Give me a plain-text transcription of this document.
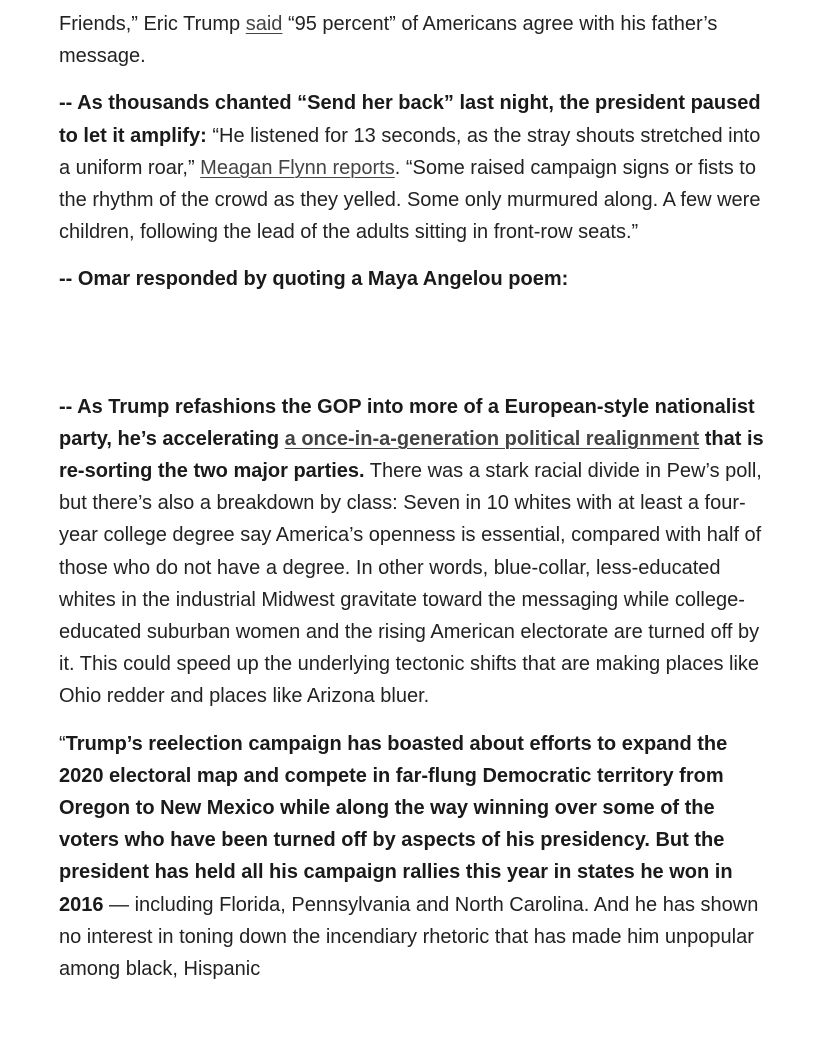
Friends,” Eric Trump said “95 percent” of Americans agree with his father’s message.

-- As thousands chanted “Send her back” last night, the president paused to let it amplify: “He listened for 13 seconds, as the stray shouts stretched into a uniform roar,” Meagan Flynn reports. “Some raised campaign signs or fists to the rhythm of the crowd as they yelled. Some only murmured along. A few were children, following the lead of the adults sitting in front-row seats.”

-- Omar responded by quoting a Maya Angelou poem:

-- As Trump refashions the GOP into more of a European-style nationalist party, he’s accelerating a once-in-a-generation political realignment that is re-sorting the two major parties. There was a stark racial divide in Pew’s poll, but there’s also a breakdown by class: Seven in 10 whites with at least a four-year college degree say America’s openness is essential, compared with half of those who do not have a degree. In other words, blue-collar, less-educated whites in the industrial Midwest gravitate toward the messaging while college-educated suburban women and the rising American electorate are turned off by it. This could speed up the underlying tectonic shifts that are making places like Ohio redder and places like Arizona bluer.

“Trump’s reelection campaign has boasted about efforts to expand the 2020 electoral map and compete in far-flung Democratic territory from Oregon to New Mexico while along the way winning over some of the voters who have been turned off by aspects of his presidency. But the president has held all his campaign rallies this year in states he won in 2016 — including Florida, Pennsylvania and North Carolina. And he has shown no interest in toning down the incendiary rhetoric that has made him unpopular among black, Hispanic
